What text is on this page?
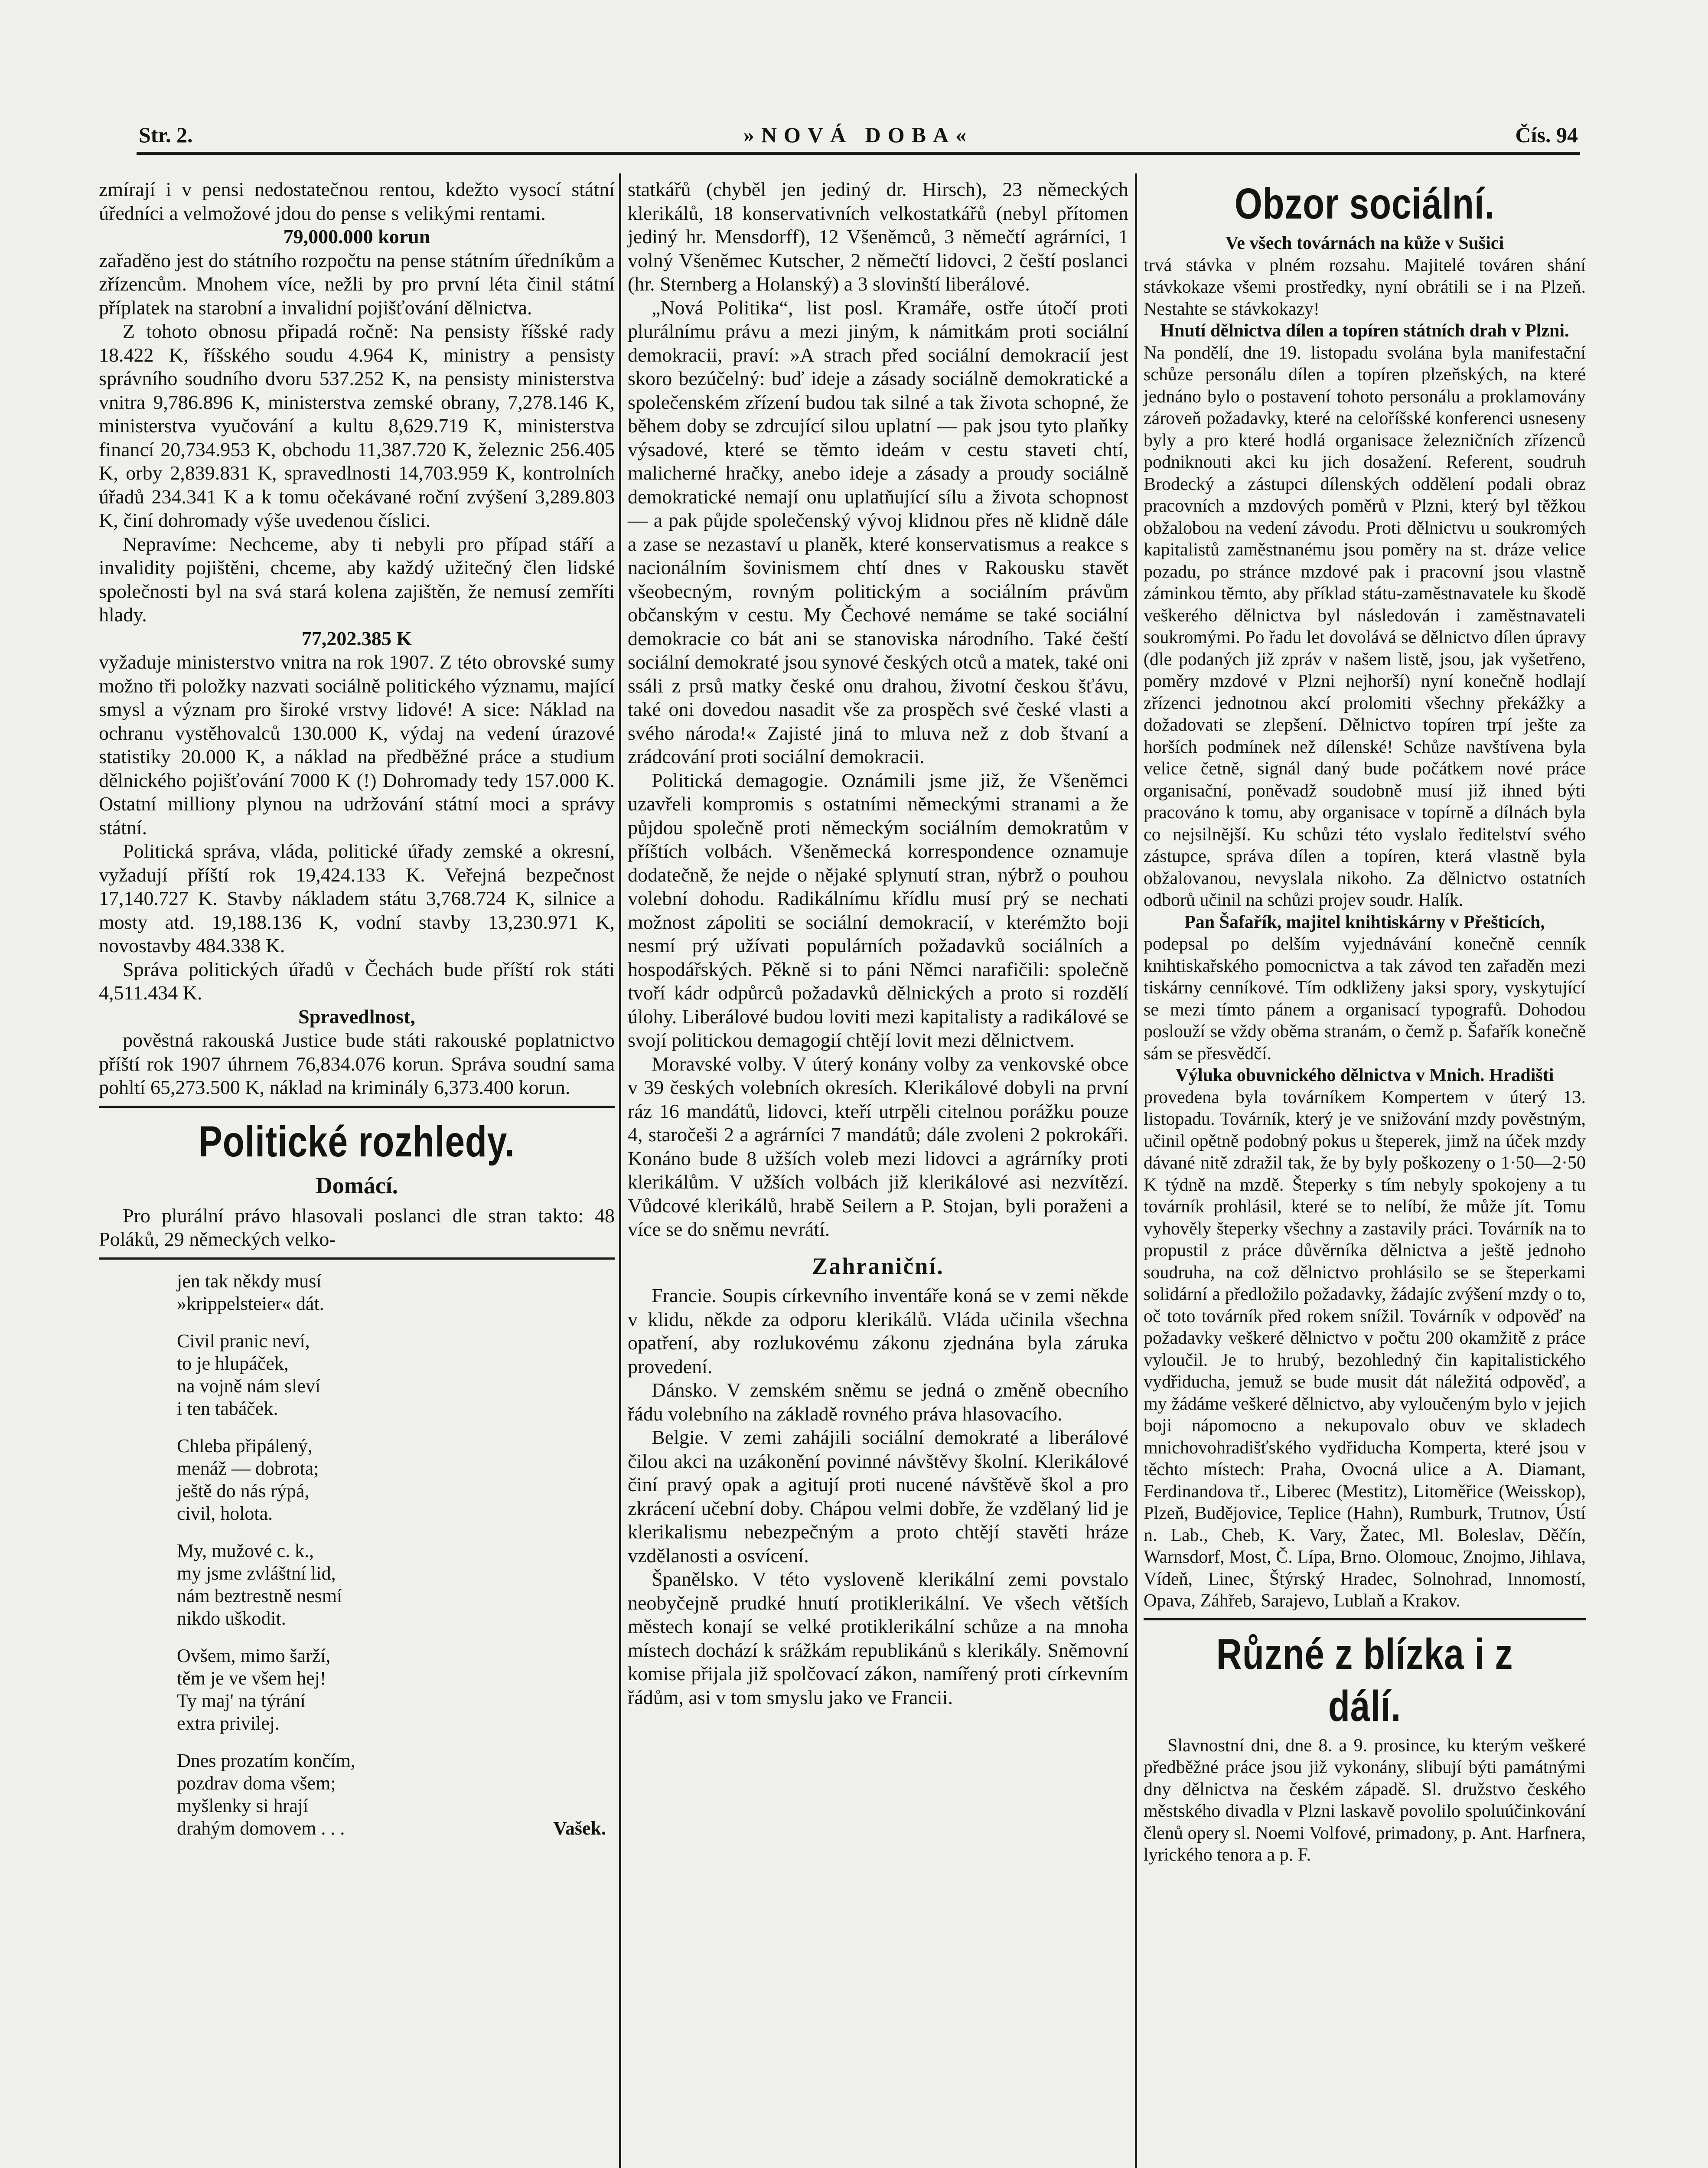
Str. 2.	»NOVÁ DOBA«	Čís. 94

zmírají i v pensi nedostatečnou rentou, kdežto vysocí státní úředníci a velmožové jdou do pense s velikými rentami.

79,000.000 korun

zařaděno jest do státního rozpočtu na pense státním úředníkům a zřízencům. Mnohem více, nežli by pro první léta činil státní příplatek na starobní a invalidní pojišťování dělnictva.

Z tohoto obnosu připadá ročně: Na pensisty říšské rady 18.422 K, říšského soudu 4.964 K, ministry a pensisty správního soudního dvoru 537.252 K, na pensisty ministerstva vnitra 9,786.896 K, ministerstva zemské obrany, 7,278.146 K, ministerstva vyučování a kultu 8,629.719 K, ministerstva financí 20,734.953 K, obchodu 11,387.720 K, železnic 256.405 K, orby 2,839.831 K, spravedlnosti 14,703.959 K, kontrolních úřadů 234.341 K a k tomu očekávané roční zvýšení 3,289.803 K, činí dohromady výše uvedenou číslici.

Nepravíme: Nechceme, aby ti nebyli pro případ stáří a invalidity pojištěni, chceme, aby každý užitečný člen lidské společnosti byl na svá stará kolena zajištěn, že nemusí zemříti hlady.

77,202.385 K

vyžaduje ministerstvo vnitra na rok 1907. Z této obrovské sumy možno tři položky nazvati sociálně politického významu, mající smysl a význam pro široké vrstvy lidové! A sice: Náklad na ochranu vystěhovalců 130.000 K, výdaj na vedení úrazové statistiky 20.000 K, a náklad na předběžné práce a studium dělnického pojišťování 7000 K (!) Dohromady tedy 157.000 K. Ostatní milliony plynou na udržování státní moci a správy státní.

Politická správa, vláda, politické úřady zemské a okresní, vyžadují příští rok 19,424.133 K. Veřejná bezpečnost 17,140.727 K. Stavby nákladem státu 3,768.724 K, silnice a mosty atd. 19,188.136 K, vodní stavby 13,230.971 K, novostavby 484.338 K.

Správa politických úřadů v Čechách bude příští rok státi 4,511.434 K.

Spravedlnost,

pověstná rakouská Justice bude státi rakouské poplatnictvo příští rok 1907 úhrnem 76,834.076 korun. Správa soudní sama pohltí 65,273.500 K, náklad na kriminály 6,373.400 korun.

Politické rozhledy.
Domácí.

Pro plurální právo hlasovali poslanci dle stran takto: 48 Poláků, 29 německých velko-

jen tak někdy musí
»krippelsteier« dát.
Civil pranic neví,
to je hlupáček,
na vojně nám sleví
i ten tabáček.
Chleba připálený,
menáž — dobrota;
ještě do nás rýpá,
civil, holota.
My, mužové c. k.,
my jsme zvláštní lid,
nám beztrestně nesmí
nikdo uškodit.
Ovšem, mimo šarží,
těm je ve všem hej!
Ty maj' na týrání
extra privilej.
Dnes prozatím končím,
pozdrav doma všem;
myšlenky si hrají
drahým domovem . . .	Vašek.

statkářů (chyběl jen jediný dr. Hirsch), 23 německých klerikálů, 18 konservativních velkostatkářů (nebyl přítomen jediný hr. Mensdorff), 12 Všeněmců, 3 němečtí agrárníci, 1 volný Všeněmec Kutscher, 2 němečtí lidovci, 2 čeští poslanci (hr. Sternberg a Holanský) a 3 slovinští liberálové.

„Nová Politika“, list posl. Kramáře, ostře útočí proti plurálnímu právu a mezi jiným, k námitkám proti sociální demokracii, praví: »A strach před sociální demokracií jest skoro bezúčelný: buď ideje a zásady sociálně demokratické a společenském zřízení budou tak silné a tak života schopné, že během doby se zdrcující silou uplatní — pak jsou tyto plaňky výsadové, které se těmto ideám v cestu staveti chtí, malicherné hračky, anebo ideje a zásady a proudy sociálně demokratické nemají onu uplatňující sílu a života schopnost — a pak půjde společenský vývoj klidnou přes ně klidně dále a zase se nezastaví u planěk, které konservatismus a reakce s nacionálním šovinismem chtí dnes v Rakousku stavět všeobecným, rovným politickým a sociálním právům občanským v cestu. My Čechové nemáme se také sociální demokracie co bát ani se stanoviska národního. Také čeští sociální demokraté jsou synové českých otců a matek, také oni ssáli z prsů matky české onu drahou, životní českou šťávu, také oni dovedou nasadit vše za prospěch své české vlasti a svého národa!« Zajisté jiná to mluva než z dob štvaní a zrádcování proti sociální demokracii.

Politická demagogie. Oznámili jsme již, že Všeněmci uzavřeli kompromis s ostatními německými stranami a že půjdou společně proti německým sociálním demokratům v příštích volbách. Všeněmecká korrespondence oznamuje dodatečně, že nejde o nějaké splynutí stran, nýbrž o pouhou volební dohodu. Radikálnímu křídlu musí prý se nechati možnost zápoliti se sociální demokracií, v kterémžto boji nesmí prý užívati populárních požadavků sociálních a hospodářských. Pěkně si to páni Němci narafičili: společně tvoří kádr odpůrců požadavků dělnických a proto si rozdělí úlohy. Liberálové budou loviti mezi kapitalisty a radikálové se svojí politickou demagogií chtějí lovit mezi dělnictvem.

Moravské volby. V úterý konány volby za venkovské obce v 39 českých volebních okresích. Klerikálové dobyli na první ráz 16 mandátů, lidovci, kteří utrpěli citelnou porážku pouze 4, staročeši 2 a agrárníci 7 mandátů; dále zvoleni 2 pokrokáři. Konáno bude 8 užších voleb mezi lidovci a agrárníky proti klerikálům. V užších volbách již klerikálové asi nezvítězí. Vůdcové klerikálů, hrabě Seilern a P. Stojan, byli poraženi a více se do sněmu nevrátí.

Zahraniční.

Francie. Soupis církevního inventáře koná se v zemi někde v klidu, někde za odporu klerikálů. Vláda učinila všechna opatření, aby rozlukovému zákonu zjednána byla záruka provedení.

Dánsko. V zemském sněmu se jedná o změně obecního řádu volebního na základě rovného práva hlasovacího.

Belgie. V zemi zahájili sociální demokraté a liberálové čilou akci na uzákonění povinné návštěvy školní. Klerikálové činí pravý opak a agitují proti nucené návštěvě škol a pro zkrácení učební doby. Chápou velmi dobře, že vzdělaný lid je klerikalismu nebezpečným a proto chtějí stavěti hráze vzdělanosti a osvícení.

Španělsko. V této vysloveně klerikální zemi povstalo neobyčejně prudké hnutí protiklerikální. Ve všech větších městech konají se velké protiklerikální schůze a na mnoha místech dochází k srážkám republikánů s klerikály. Sněmovní komise přijala již spolčovací zákon, namířený proti církevním řádům, asi v tom smyslu jako ve Francii.

Obzor sociální.

Ve všech továrnách na kůže v Sušici

trvá stávka v plném rozsahu. Majitelé továren shání stávkokaze všemi prostředky, nyní obrátili se i na Plzeň. Nestahte se stávkokazy!

Hnutí dělnictva dílen a topíren státních drah v Plzni.

Na pondělí, dne 19. listopadu svolána byla manifestační schůze personálu dílen a topíren plzeňských, na které jednáno bylo o postavení tohoto personálu a proklamovány zároveň požadavky, které na celoříšské konferenci usneseny byly a pro které hodlá organisace železničních zřízenců podniknouti akci ku jich dosažení. Referent, soudruh Brodecký a zástupci dílenských oddělení podali obraz pracovních a mzdových poměrů v Plzni, který byl těžkou obžalobou na vedení závodu. Proti dělnictvu u soukromých kapitalistů zaměstnanému jsou poměry na st. dráze velice pozadu, po stránce mzdové pak i pracovní jsou vlastně záminkou těmto, aby příklad státu-zaměstnavatele ku škodě veškerého dělnictva byl následován i zaměstnavateli soukromými. Po řadu let dovolává se dělnictvo dílen úpravy (dle podaných již zpráv v našem listě, jsou, jak vyšetřeno, poměry mzdové v Plzni nejhorší) nyní konečně hodlají zřízenci jednotnou akcí prolomiti všechny překážky a dožadovati se zlepšení. Dělnictvo topíren trpí ješte za horších podmínek než dílenské! Schůze navštívena byla velice četně, signál daný bude počátkem nové práce organisační, poněvadž soudobně musí již ihned býti pracováno k tomu, aby organisace v topírně a dílnách byla co nejsilnější. Ku schůzi této vyslalo ředitelství svého zástupce, správa dílen a topíren, která vlastně byla obžalovanou, nevyslala nikoho. Za dělnictvo ostatních odborů učinil na schůzi projev soudr. Halík.

Pan Šafařík, majitel knihtiskárny v Přešticích,

podepsal po delším vyjednávání konečně cenník knihtiskařského pomocnictva a tak závod ten zařaděn mezi tiskárny cenníkové. Tím odkliženy jaksi spory, vyskytující se mezi tímto pánem a organisací typografů. Dohodou poslouží se vždy oběma stranám, o čemž p. Šafařík konečně sám se přesvědčí.

Výluka obuvnického dělnictva v Mnich. Hradišti

provedena byla továrníkem Kompertem v úterý 13. listopadu. Továrník, který je ve snižování mzdy pověstným, učinil opětně podobný pokus u šteperek, jimž na úček mzdy dávané nitě zdražil tak, že by byly poškozeny o 1·50—2·50 K týdně na mzdě. Šteperky s tím nebyly spokojeny a tu továrník prohlásil, které se to nelíbí, že může jít. Tomu vyhověly šteperky všechny a zastavily práci. Továrník na to propustil z práce důvěrníka dělnictva a ještě jednoho soudruha, na což dělnictvo prohlásilo se se šteperkami solidární a předložilo požadavky, žádajíc zvýšení mzdy o to, oč toto továrník před rokem snížil. Továrník v odpověď na požadavky veškeré dělnictvo v počtu 200 okamžitě z práce vyloučil. Je to hrubý, bezohledný čin kapitalistického vydřiducha, jemuž se bude musit dát náležitá odpověď, a my žádáme veškeré dělnictvo, aby vyloučeným bylo v jejich boji nápomocno a nekupovalo obuv ve skladech mnichovohradišťského vydřiducha Komperta, které jsou v těchto místech: Praha, Ovocná ulice a A. Diamant, Ferdinandova tř., Liberec (Mestitz), Litoměřice (Weisskop), Plzeň, Budějovice, Teplice (Hahn), Rumburk, Trutnov, Ústí n. Lab., Cheb, K. Vary, Žatec, Ml. Boleslav, Děčín, Warnsdorf, Most, Č. Lípa, Brno. Olomouc, Znojmo, Jihlava, Vídeň, Linec, Štýrský Hradec, Solnohrad, Innomostí, Opava, Záhřeb, Sarajevo, Lublaň a Krakov.

Různé z blízka i z dálí.

Slavnostní dni, dne 8. a 9. prosince, ku kterým veškeré předběžné práce jsou již vykonány, slibují býti památnými dny dělnictva na českém západě. Sl. družstvo českého městského divadla v Plzni laskavě povolilo spoluúčinkování členů opery sl. Noemi Volfové, primadony, p. Ant. Harfnera, lyrického tenora a p. F.
